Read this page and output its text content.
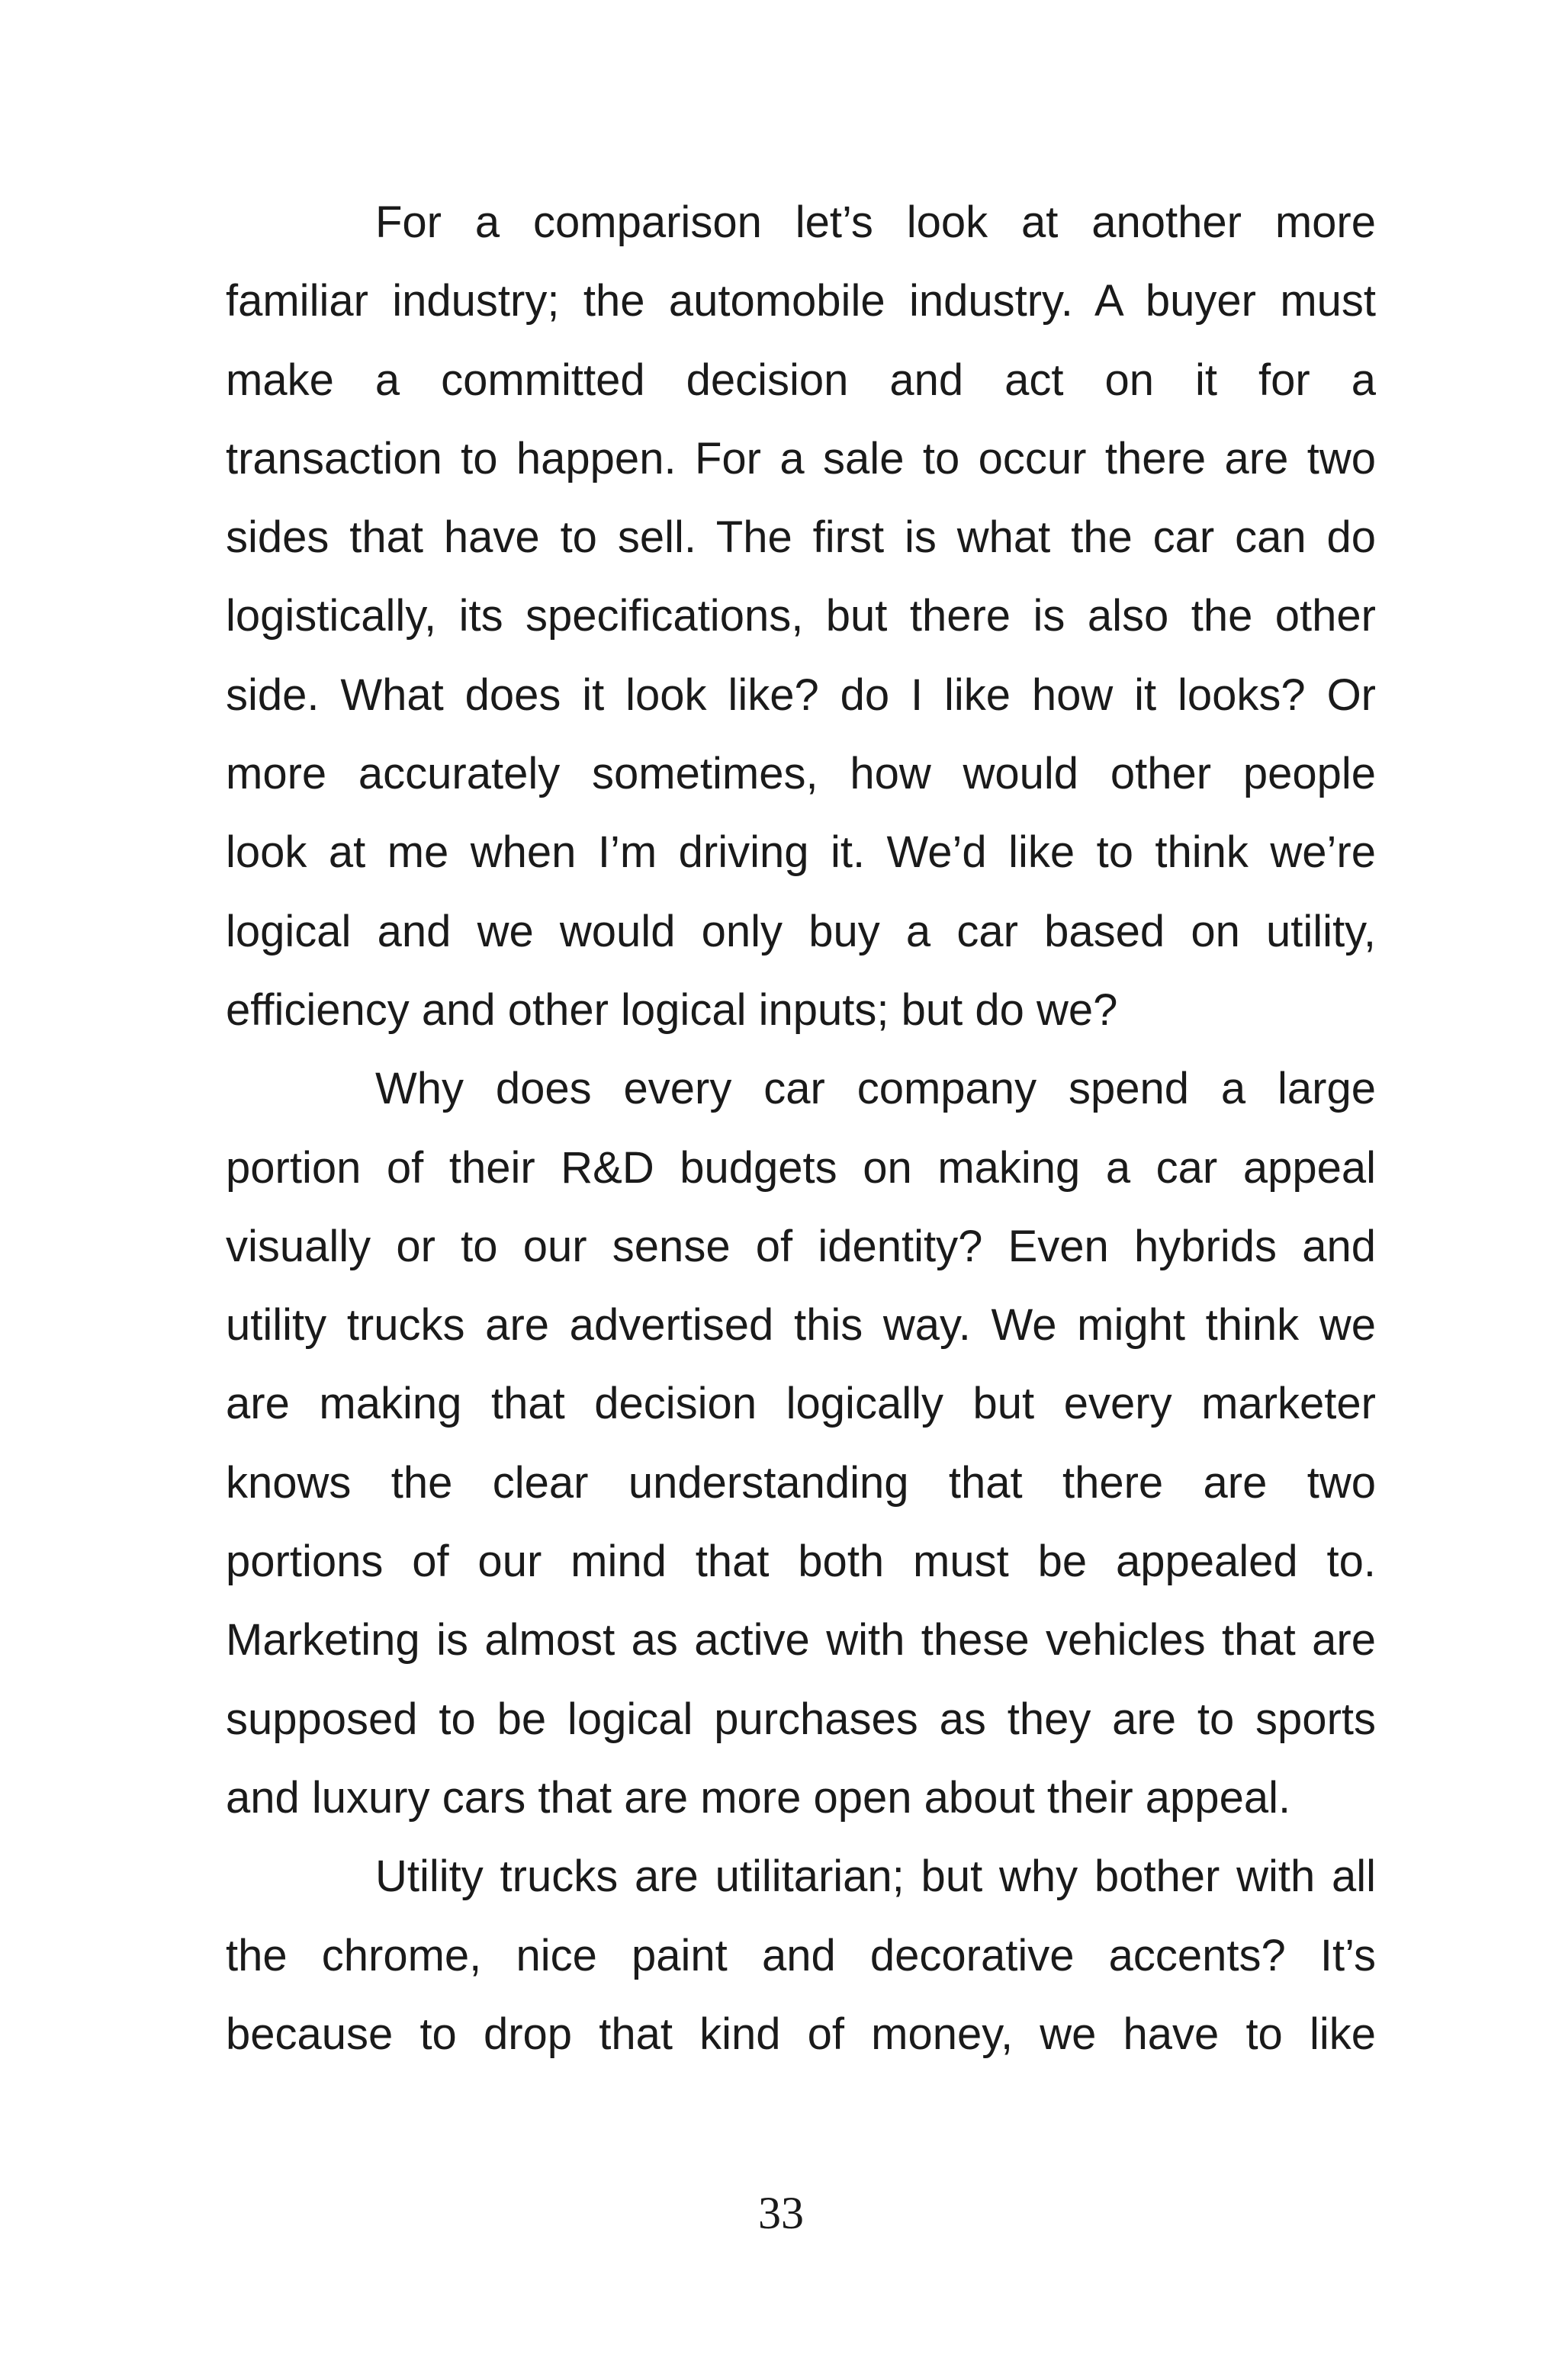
For a comparison let’s look at another more
familiar industry; the automobile industry. A buyer must
make a committed decision and act on it for a
transaction to happen. For a sale to occur there are two
sides that have to sell. The first is what the car can do
logistically, its specifications, but there is also the other
side. What does it look like? do I like how it looks? Or
more accurately sometimes, how would other people
look at me when I’m driving it. We’d like to think we’re
logical and we would only buy a car based on utility,
efficiency and other logical inputs; but do we?
Why does every car company spend a large
portion of their R&D budgets on making a car appeal
visually or to our sense of identity? Even hybrids and
utility trucks are advertised this way. We might think we
are making that decision logically but every marketer
knows the clear understanding that there are two
portions of our mind that both must be appealed to.
Marketing is almost as active with these vehicles that are
supposed to be logical purchases as they are to sports
and luxury cars that are more open about their appeal.
Utility trucks are utilitarian; but why bother with all
the chrome, nice paint and decorative accents? It’s
because to drop that kind of money, we have to like
33
